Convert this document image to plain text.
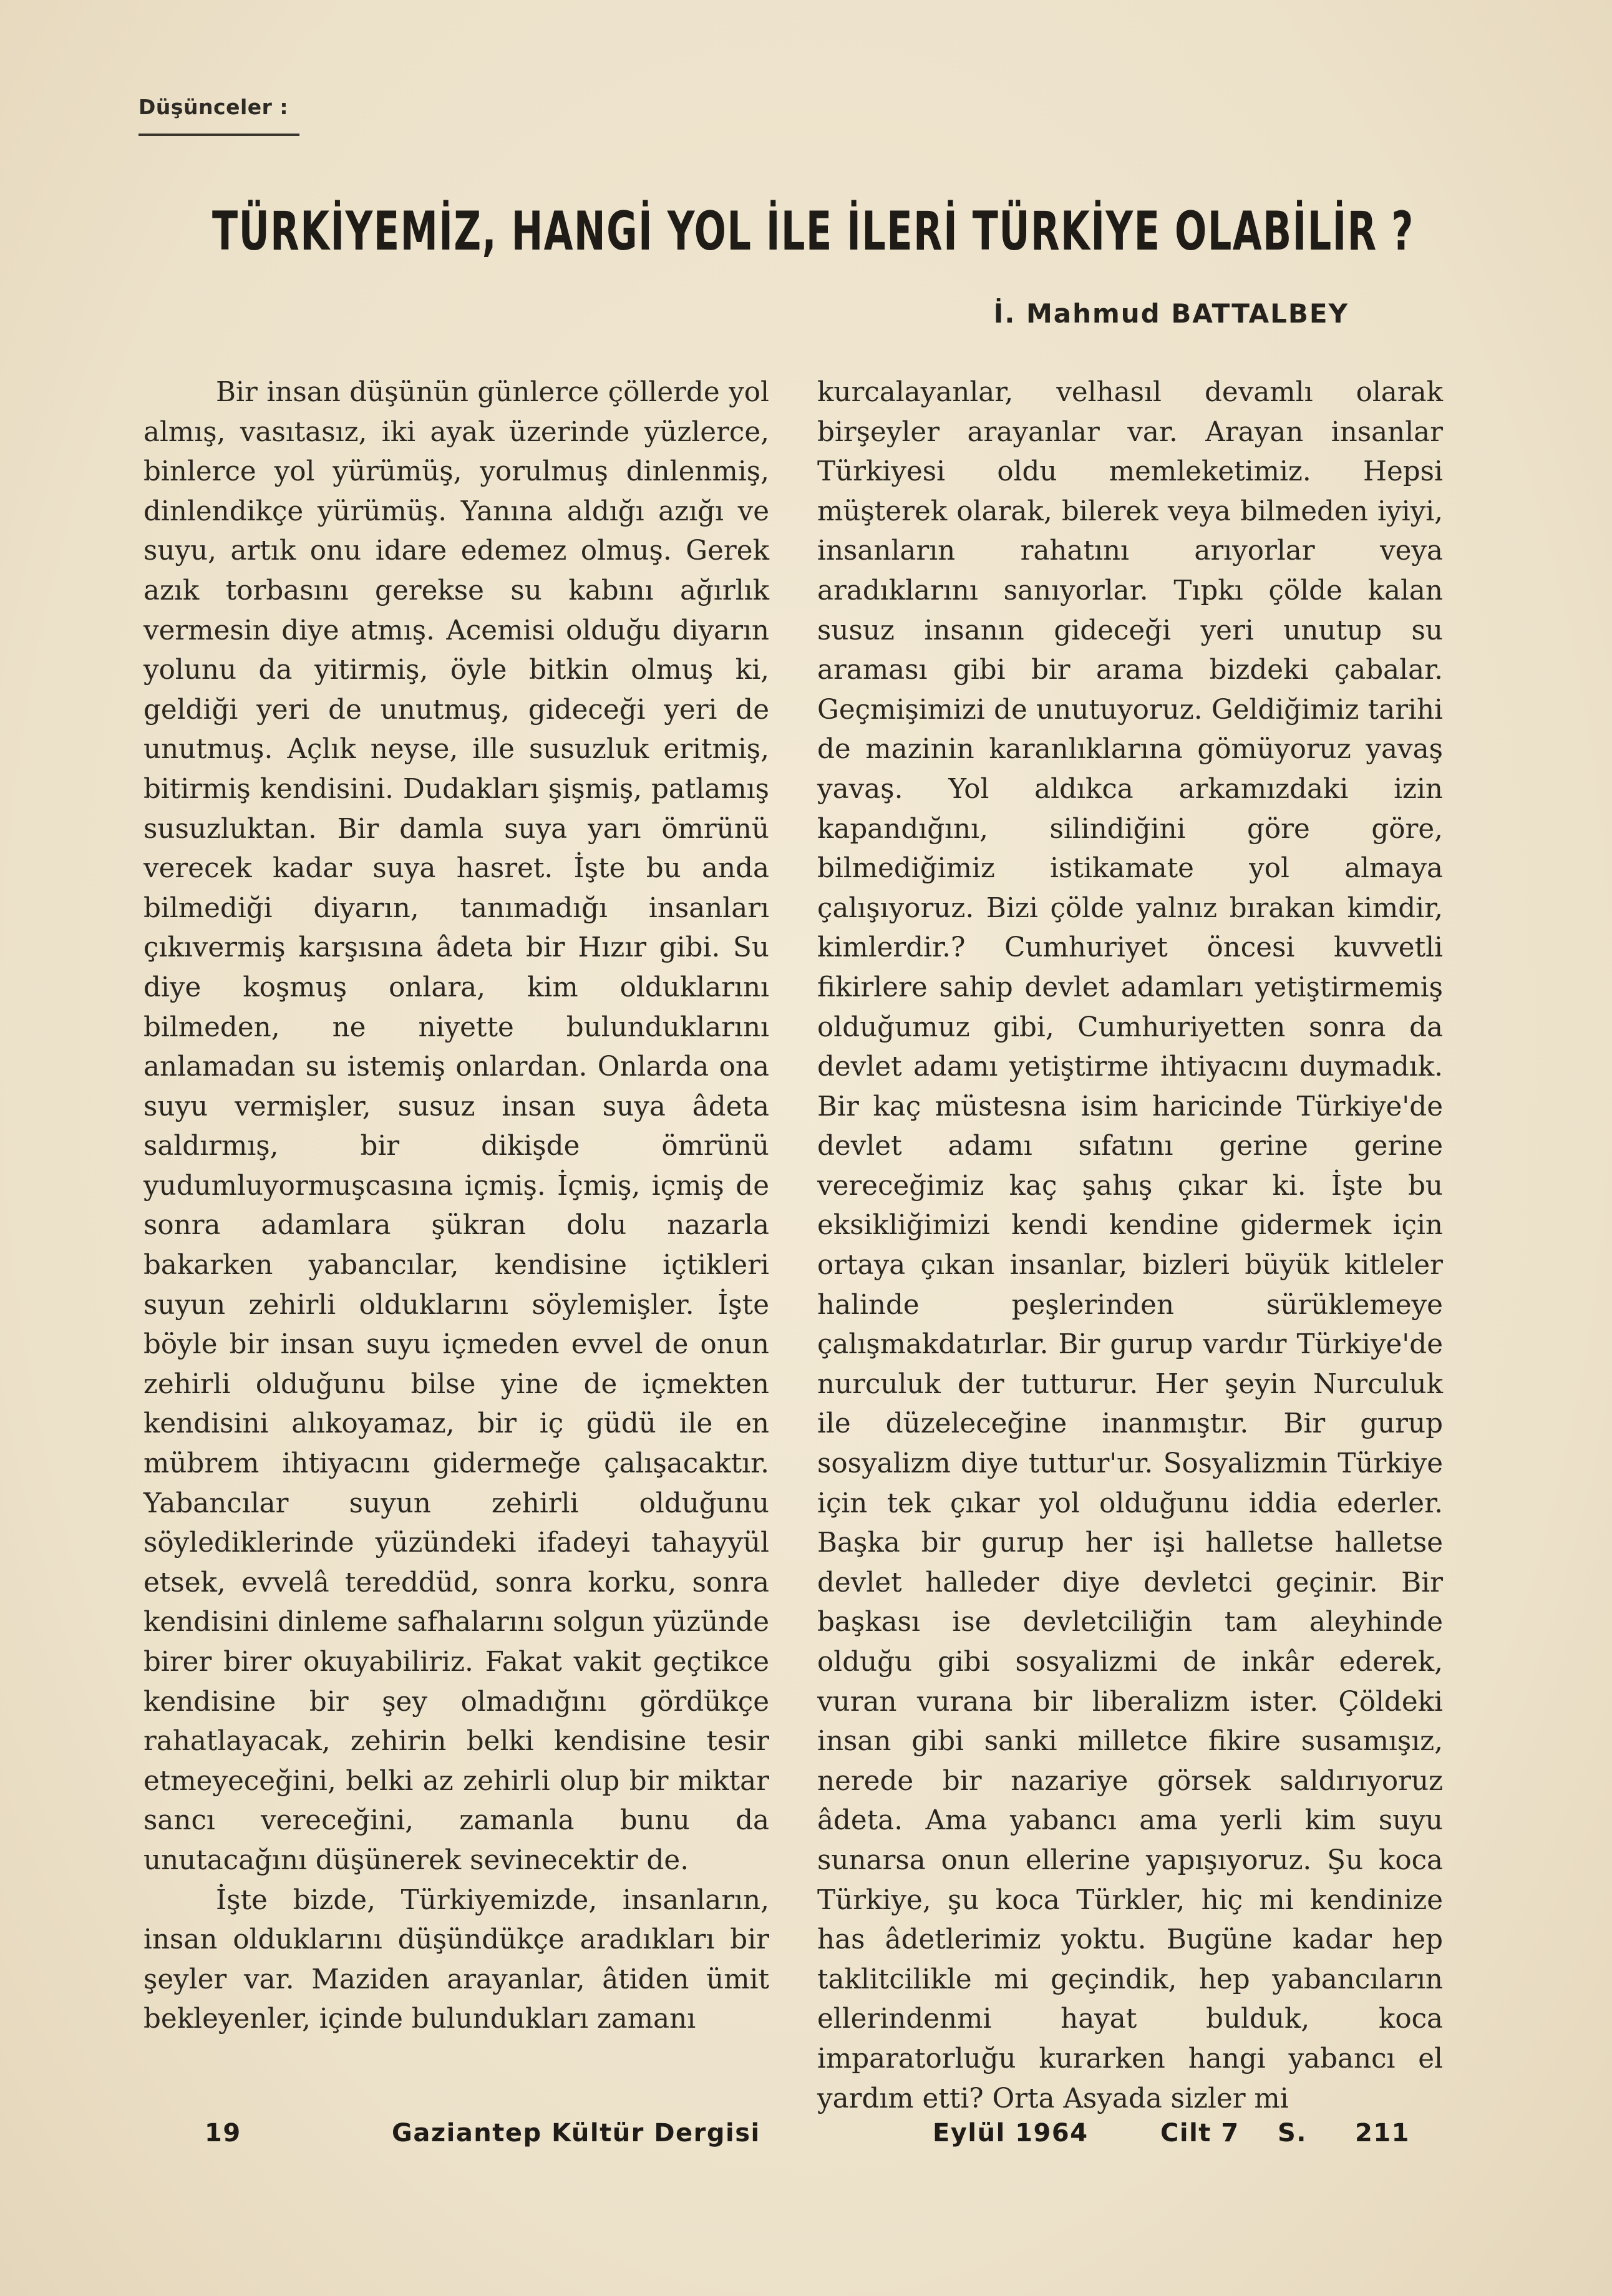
Düşünceler :
TÜRKİYEMİZ, HANGİ YOL İLE İLERİ TÜRKİYE OLABİLİR ?
İ. Mahmud BATTALBEY

Bir insan düşünün günlerce çöllerde yol almış, vasıtasız, iki ayak üzerinde yüzlerce, binlerce yol yürümüş, yorulmuş dinlenmiş, dinlendikçe yürümüş. Yanına aldığı azığı ve suyu, artık onu idare edemez olmuş. Gerek azık torbasını gerekse su kabını ağırlık vermesin diye atmış. Acemisi olduğu diyarın yolunu da yitirmiş, öyle bitkin olmuş ki, geldiği yeri de unutmuş, gideceği yeri de unutmuş. Açlık neyse, ille susuzluk eritmiş, bitirmiş kendisini. Dudakları şişmiş, patlamış susuzluktan. Bir damla suya yarı ömrünü verecek kadar suya hasret. İşte bu anda bilmediği diyarın, tanımadığı insanları çıkıvermiş karşısına âdeta bir Hızır gibi. Su diye koşmuş onlara, kim olduklarını bilmeden, ne niyette bulunduklarını anlamadan su istemiş onlardan. Onlarda ona suyu vermişler, susuz insan suya âdeta saldırmış, bir dikişde ömrünü yudumluyormuşcasına içmiş. İçmiş, içmiş de sonra adamlara şükran dolu nazarla bakarken yabancılar, kendisine içtikleri suyun zehirli olduklarını söylemişler. İşte böyle bir insan suyu içmeden evvel de onun zehirli olduğunu bilse yine de içmekten kendisini alıkoyamaz, bir iç güdü ile en mübrem ihtiyacını gidermeğe çalışacaktır. Yabancılar suyun zehirli olduğunu söylediklerinde yüzündeki ifadeyi tahayyül etsek, evvelâ tereddüd, sonra korku, sonra kendisini dinleme safhalarını solgun yüzünde birer birer okuyabiliriz. Fakat vakit geçtikce kendisine bir şey olmadığını gördükçe rahatlayacak, zehirin belki kendisine tesir etmeyeceğini, belki az zehirli olup bir miktar sancı vereceğini, zamanla bunu da unutacağını düşünerek sevinecektir de.

İşte bizde, Türkiyemizde, insanların, insan olduklarını düşündükçe aradıkları bir şeyler var. Maziden arayanlar, âtiden ümit bekleyenler, içinde bulundukları zamanı

kurcalayanlar, velhasıl devamlı olarak birşeyler arayanlar var. Arayan insanlar Türkiyesi oldu memleketimiz. Hepsi müşterek olarak, bilerek veya bilmeden iyiyi, insanların rahatını arıyorlar veya aradıklarını sanıyorlar. Tıpkı çölde kalan susuz insanın gideceği yeri unutup su araması gibi bir arama bizdeki çabalar. Geçmişimizi de unutuyoruz. Geldiğimiz tarihi de mazinin karanlıklarına gömüyoruz yavaş yavaş. Yol aldıkca arkamızdaki izin kapandığını, silindiğini göre göre, bilmediğimiz istikamate yol almaya çalışıyoruz. Bizi çölde yalnız bırakan kimdir, kimlerdir.? Cumhuriyet öncesi kuvvetli fikirlere sahip devlet adamları yetiştirmemiş olduğumuz gibi, Cumhuriyetten sonra da devlet adamı yetiştirme ihtiyacını duymadık. Bir kaç müstesna isim haricinde Türkiye'de devlet adamı sıfatını gerine gerine vereceğimiz kaç şahış çıkar ki. İşte bu eksikliğimizi kendi kendine gidermek için ortaya çıkan insanlar, bizleri büyük kitleler halinde peşlerinden sürüklemeye çalışmakdatırlar. Bir gurup vardır Türkiye'de nurculuk der tutturur. Her şeyin Nurculuk ile düzeleceğine inanmıştır. Bir gurup sosyalizm diye tuttur'ur. Sosyalizmin Türkiye için tek çıkar yol olduğunu iddia ederler. Başka bir gurup her işi halletse halletse devlet halleder diye devletci geçinir. Bir başkası ise devletciliğin tam aleyhinde olduğu gibi sosyalizmi de inkâr ederek, vuran vurana bir liberalizm ister. Çöldeki insan gibi sanki milletce fikire susamışız, nerede bir nazariye görsek saldırıyoruz âdeta. Ama yabancı ama yerli kim suyu sunarsa onun ellerine yapışıyoruz. Şu koca Türkiye, şu koca Türkler, hiç mi kendinize has âdetlerimiz yoktu. Bugüne kadar hep taklitcilikle mi geçindik, hep yabancıların ellerindenmi hayat bulduk, koca imparatorluğu kurarken hangi yabancı el yardım etti? Orta Asyada sizler mi

19	Gaziantep Kültür Dergisi	Eylül 1964	Cilt 7 S. 211
